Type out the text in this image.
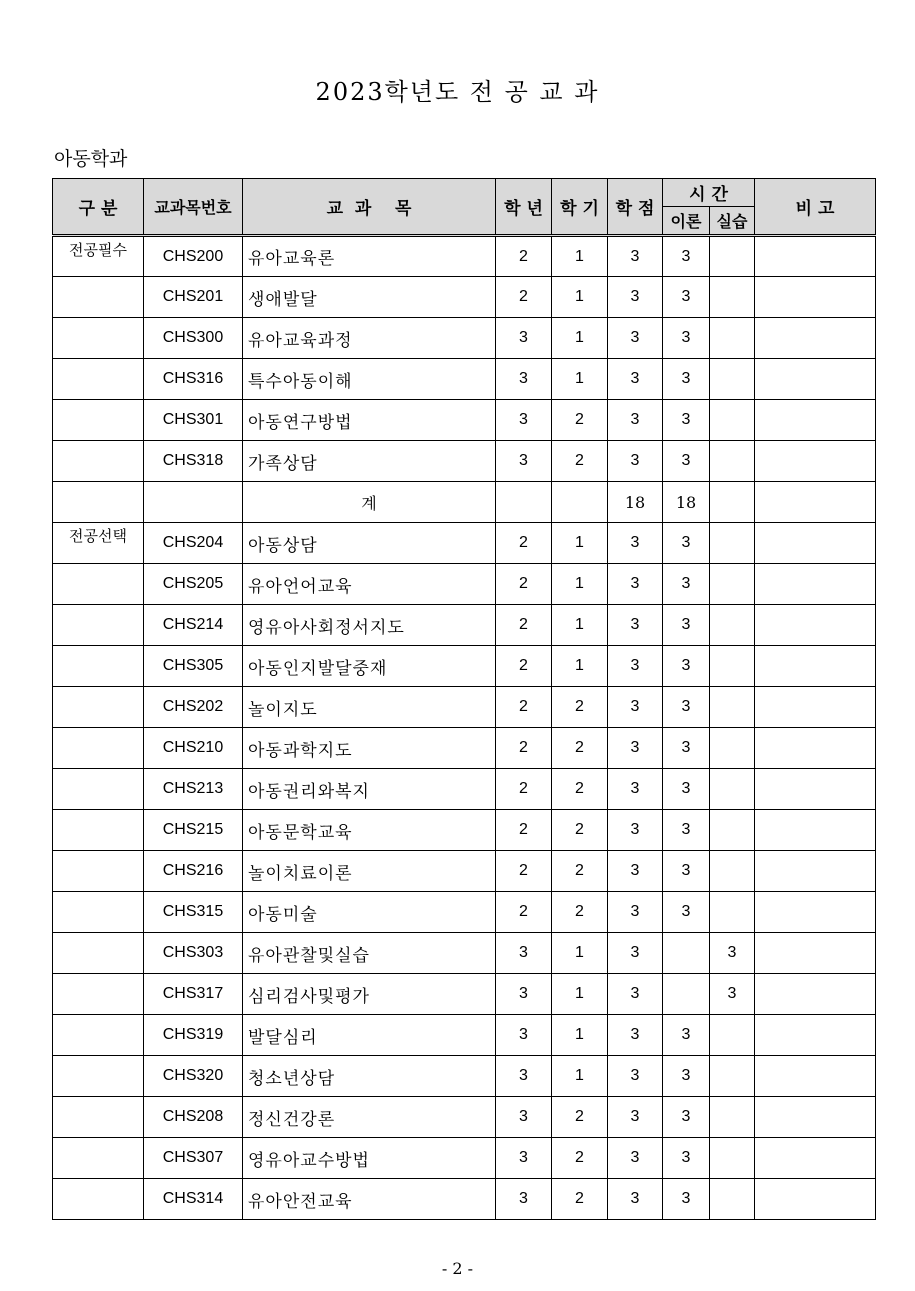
2023학년도 전 공 교 과
아동학과
구 분	교과목번호	교  과    목	학 년	학 기	학 점	시 간		비 고
						이론	실습	
전공필수	CHS200	유아교육론	2	1	3	3		
	CHS201	생애발달	2	1	3	3		
	CHS300	유아교육과정	3	1	3	3		
	CHS316	특수아동이해	3	1	3	3		
	CHS301	아동연구방법	3	2	3	3		
	CHS318	가족상담	3	2	3	3		
		계			18	18		
전공선택	CHS204	아동상담	2	1	3	3		
	CHS205	유아언어교육	2	1	3	3		
	CHS214	영유아사회정서지도	2	1	3	3		
	CHS305	아동인지발달중재	2	1	3	3		
	CHS202	놀이지도	2	2	3	3		
	CHS210	아동과학지도	2	2	3	3		
	CHS213	아동권리와복지	2	2	3	3		
	CHS215	아동문학교육	2	2	3	3		
	CHS216	놀이치료이론	2	2	3	3		
	CHS315	아동미술	2	2	3	3		
	CHS303	유아관찰및실습	3	1	3		3	
	CHS317	심리검사및평가	3	1	3		3	
	CHS319	발달심리	3	1	3	3		
	CHS320	청소년상담	3	1	3	3		
	CHS208	정신건강론	3	2	3	3		
	CHS307	영유아교수방법	3	2	3	3		
	CHS314	유아안전교육	3	2	3	3		
- 2 -
